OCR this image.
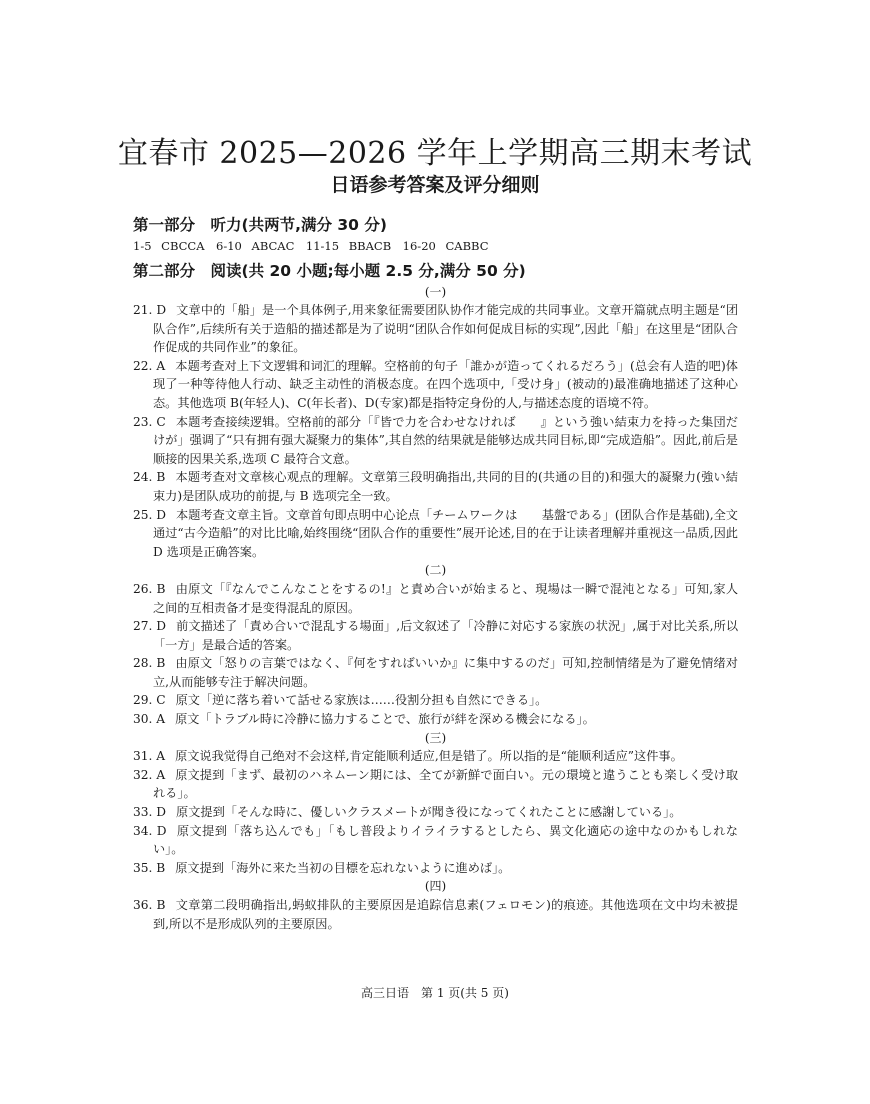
宜春市 2025—2026 学年上学期高三期末考试
日语参考答案及评分细则
第一部分　听力(共两节,满分 30 分)
1-5 CBCCA　6-10 ABCAC　11-15 BBACB　16-20 CABBC
第二部分　阅读(共 20 小题;每小题 2.5 分,满分 50 分)
(一)
21. D 文章中的「船」是一个具体例子,用来象征需要团队协作才能完成的共同事业。文章开篇就点明主题是“团队合作”,后续所有关于造船的描述都是为了说明“团队合作如何促成目标的实现”,因此「船」在这里是“团队合作促成的共同作业”的象征。
22. A 本题考查对上下文逻辑和词汇的理解。空格前的句子「誰かが造ってくれるだろう」(总会有人造的吧)体现了一种等待他人行动、缺乏主动性的消极态度。在四个选项中,「受け身」(被动的)最准确地描述了这种心态。其他选项 B(年轻人)、C(年长者)、D(专家)都是指特定身份的人,与描述态度的语境不符。
23. C 本题考查接续逻辑。空格前的部分「『皆で力を合わせなければ　　』という強い結束力を持った集団だけが」强调了“只有拥有强大凝聚力的集体”,其自然的结果就是能够达成共同目标,即“完成造船”。因此,前后是顺接的因果关系,选项 C 最符合文意。
24. B 本题考查对文章核心观点的理解。文章第三段明确指出,共同的目的(共通の目的)和强大的凝聚力(強い結束力)是团队成功的前提,与 B 选项完全一致。
25. D 本题考查文章主旨。文章首句即点明中心论点「チームワークは　　基盤である」(团队合作是基础),全文通过“古今造船”的对比比喻,始终围绕“团队合作的重要性”展开论述,目的在于让读者理解并重视这一品质,因此 D 选项是正确答案。
(二)
26. B 由原文「『なんでこんなことをするの!』と責め合いが始まると、現場は一瞬で混沌となる」可知,家人之间的互相责备才是变得混乱的原因。
27. D 前文描述了「責め合いで混乱する場面」,后文叙述了「冷静に対応する家族の状況」,属于对比关系,所以「一方」是最合适的答案。
28. B 由原文「怒りの言葉ではなく、『何をすればいいか』に集中するのだ」可知,控制情绪是为了避免情绪对立,从而能够专注于解决问题。
29. C 原文「逆に落ち着いて話せる家族は……役割分担も自然にできる」。
30. A 原文「トラブル時に冷静に協力することで、旅行が絆を深める機会になる」。
(三)
31. A 原文说我觉得自己绝对不会这样,肯定能顺利适应,但是错了。所以指的是“能顺利适应”这件事。
32. A 原文提到「まず、最初のハネムーン期には、全てが新鮮で面白い。元の環境と違うことも楽しく受け取れる」。
33. D 原文提到「そんな時に、優しいクラスメートが聞き役になってくれたことに感謝している」。
34. D 原文提到「落ち込んでも」「もし普段よりイライラするとしたら、異文化適応の途中なのかもしれない」。
35. B 原文提到「海外に来た当初の目標を忘れないように進めば」。
(四)
36. B 文章第二段明确指出,蚂蚁排队的主要原因是追踪信息素(フェロモン)的痕迹。其他选项在文中均未被提到,所以不是形成队列的主要原因。
高三日语　第 1 页(共 5 页)
